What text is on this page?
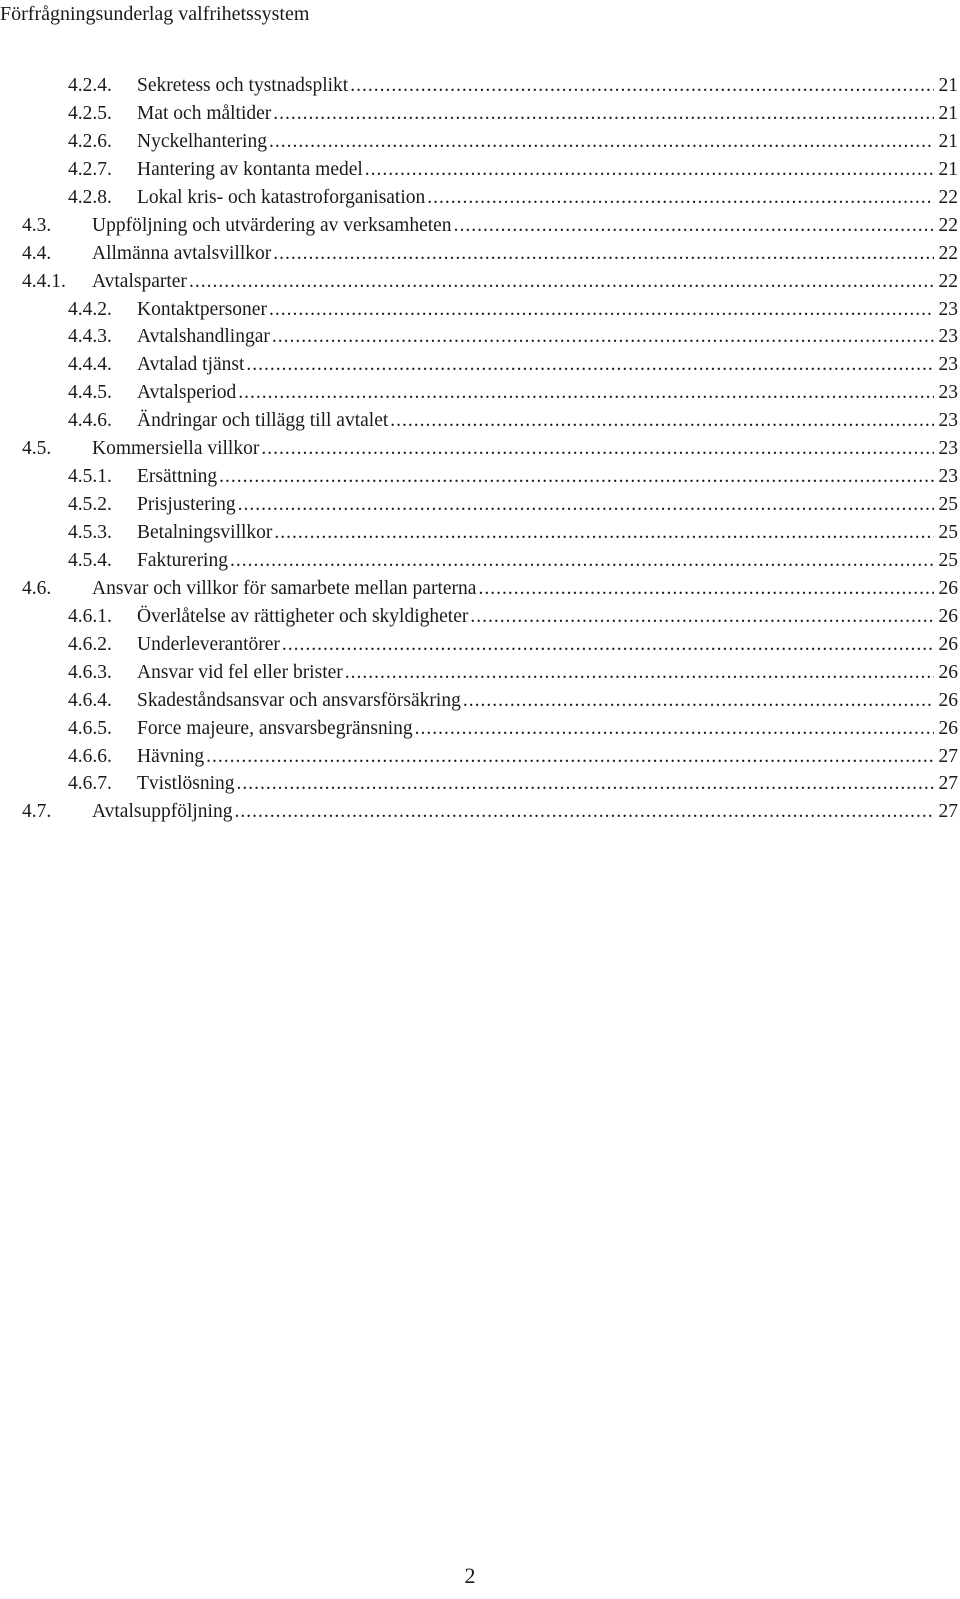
Förfrågningsunderlag valfrihetssystem
4.2.4.	Sekretess och tystnadsplikt .....	21
4.2.5.	Mat och måltider .....	21
4.2.6.	Nyckelhantering .....	21
4.2.7.	Hantering av kontanta medel .....	21
4.2.8.	Lokal kris- och katastroforganisation .....	22
4.3.	Uppföljning och utvärdering av verksamheten .....	22
4.4.	Allmänna avtalsvillkor .....	22
4.4.1.	Avtalsparter .....	22
4.4.2.	Kontaktpersoner .....	23
4.4.3.	Avtalshandlingar .....	23
4.4.4.	Avtalad tjänst .....	23
4.4.5.	Avtalsperiod .....	23
4.4.6.	Ändringar och tillägg till avtalet .....	23
4.5.	Kommersiella villkor .....	23
4.5.1.	Ersättning .....	23
4.5.2.	Prisjustering .....	25
4.5.3.	Betalningsvillkor .....	25
4.5.4.	Fakturering .....	25
4.6.	Ansvar och villkor för samarbete mellan parterna .....	26
4.6.1.	Överlåtelse av rättigheter och skyldigheter .....	26
4.6.2.	Underleverantörer .....	26
4.6.3.	Ansvar vid fel eller brister .....	26
4.6.4.	Skadeståndsansvar och ansvarsförsäkring .....	26
4.6.5.	Force majeure, ansvarsbegränsning .....	26
4.6.6.	Hävning .....	27
4.6.7.	Tvistlösning .....	27
4.7.	Avtalsuppföljning .....	27
2
